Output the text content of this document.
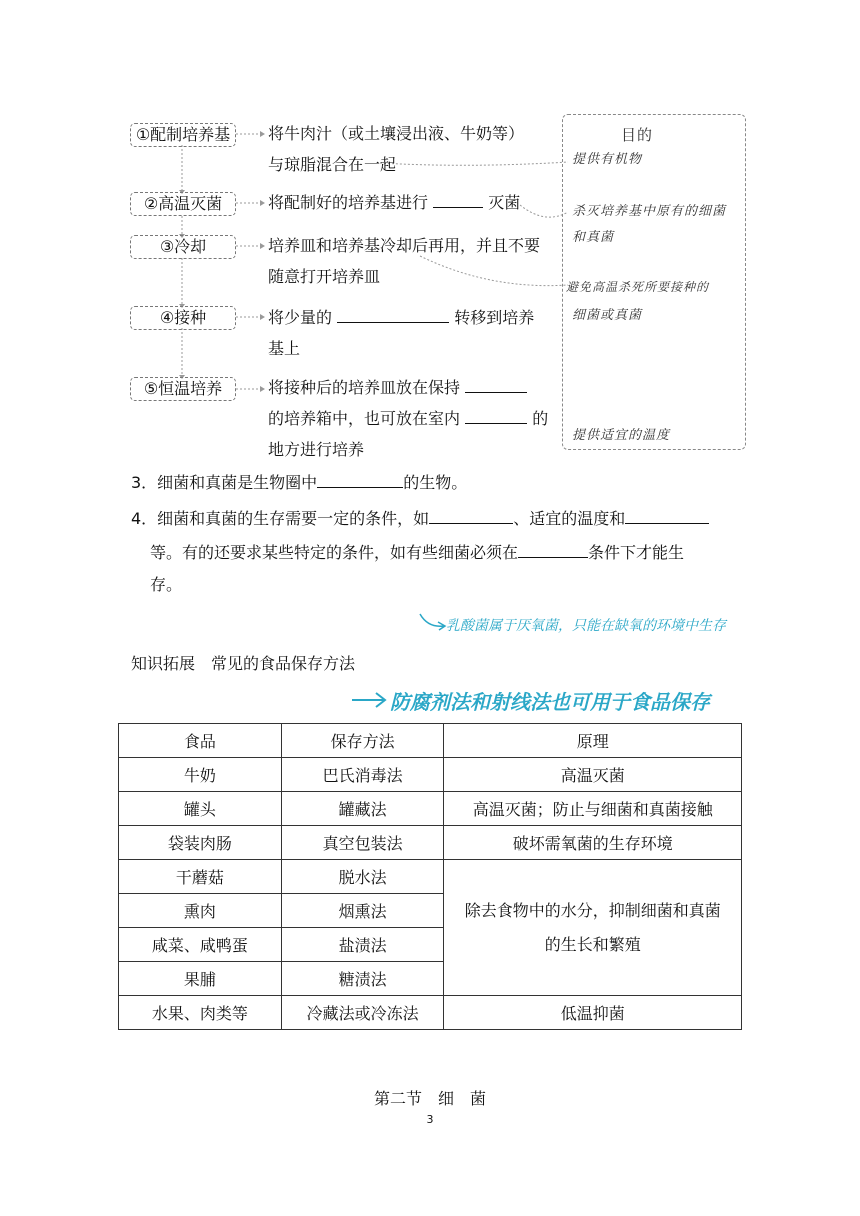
①配制培养基	将牛肉汁（或土壤浸出液、牛奶等）
与琼脂混合在一起
②高温灭菌	将配制好的培养基进行	灭菌
③冷却	培养皿和培养基冷却后再用，并且不要
随意打开培养皿
④接种	将少量的	转移到培养
基上
⑤恒温培养	将接种后的培养皿放在保持
的培养箱中，也可放在室内	的
地方进行培养
目的
提供有机物
杀灭培养基中原有的细菌
和真菌
避免高温杀死所要接种的
细菌或真菌
提供适宜的温度
3．细菌和真菌是生物圈中	的生物。
4．细菌和真菌的生存需要一定的条件，如	、适宜的温度和
等。有的还要求某些特定的条件，如有些细菌必须在	条件下才能生
存。
乳酸菌属于厌氧菌，只能在缺氧的环境中生存
知识拓展　常见的食品保存方法
防腐剂法和射线法也可用于食品保存
食品	保存方法	原理
牛奶	巴氏消毒法	高温灭菌
罐头	罐藏法	高温灭菌；防止与细菌和真菌接触
袋装肉肠	真空包装法	破坏需氧菌的生存环境
干蘑菇	脱水法	除去食物中的水分，抑制细菌和真菌
的生长和繁殖

熏肉	烟熏法	
咸菜、咸鸭蛋	盐渍法	
果脯	糖渍法	
水果、肉类等	冷藏法或冷冻法	低温抑菌
第二节　细　菌
3
